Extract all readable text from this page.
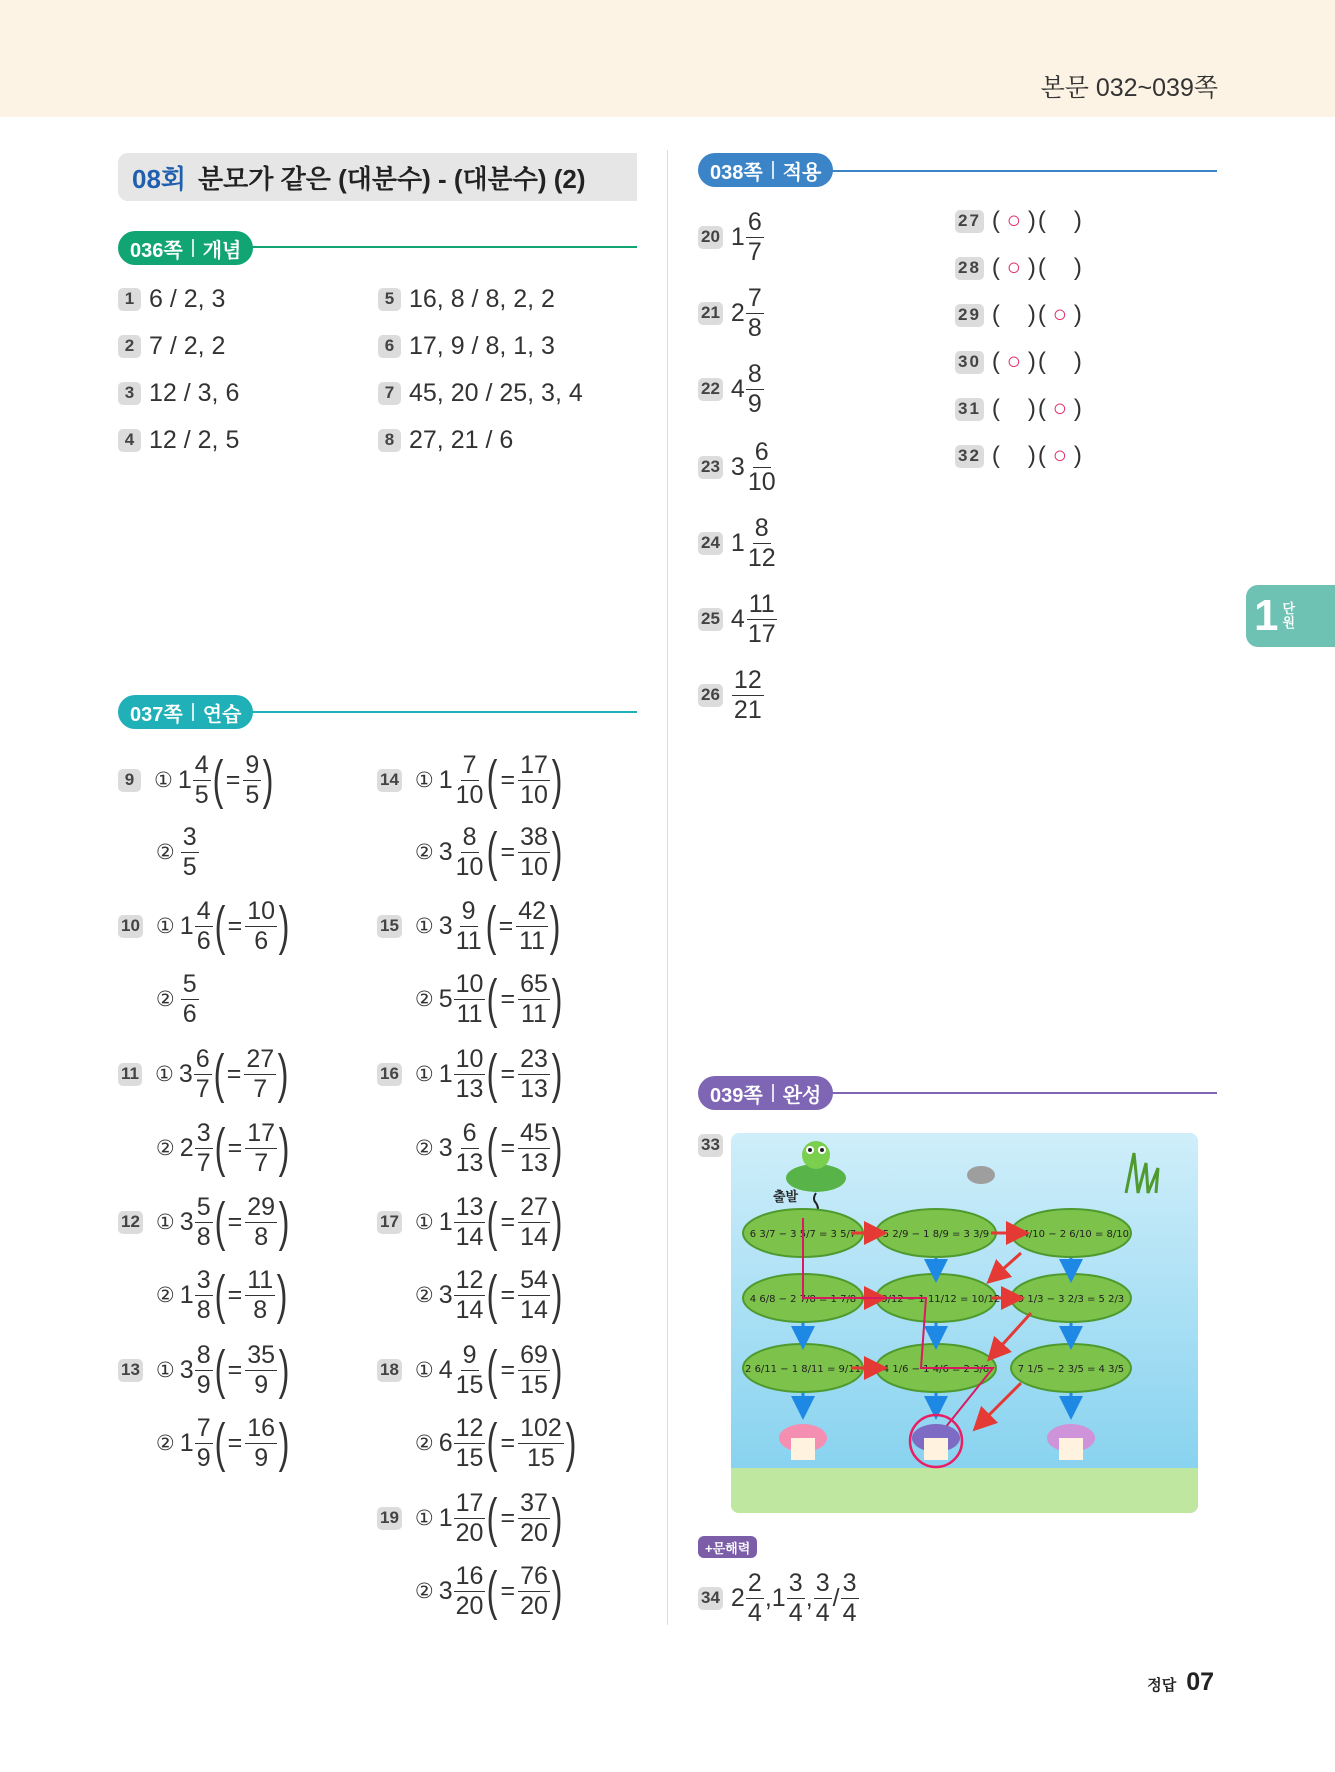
본문 032~039쪽
08회 분모가 같은 (대분수) - (대분수) (2)
036쪽 개념
037쪽 연습
038쪽 적용
039쪽 완성
1 6 / 2, 3
2 7 / 2, 2
3 12 / 3, 6
4 12 / 2, 5
5 16, 8 / 8, 2, 2
6 17, 9 / 8, 1, 3
7 45, 20 / 25, 3, 4
8 27, 21 / 6
9 ① $1 \frac{4}{5}$ ( = $\frac{9}{5}$ )
② $\frac{3}{5}$
10 ① $1 \frac{4}{6}$ ( = $\frac{10}{6}$ )
② $\frac{5}{6}$
11 ① $3 \frac{6}{7}$ ( = $\frac{27}{7}$ )
② $2 \frac{3}{7}$ ( = $\frac{17}{7}$ )
12 ① $3 \frac{5}{8}$ ( = $\frac{29}{8}$ )
② $1 \frac{3}{8}$ ( = $\frac{11}{8}$ )
13 ① $3 \frac{8}{9}$ ( = $\frac{35}{9}$ )
② $1 \frac{7}{9}$ ( = $\frac{16}{9}$ )
14 ① $1 \frac{7}{10}$ ( = $\frac{17}{10}$ )
② $3 \frac{8}{10}$ ( = $\frac{38}{10}$ )
15 ① $3 \frac{9}{11}$ ( = $\frac{42}{11}$ )
② $5 \frac{10}{11}$ ( = $\frac{65}{11}$ )
16 ① $1 \frac{10}{13}$ ( = $\frac{23}{13}$ )
② $3 \frac{6}{13}$ ( = $\frac{45}{13}$ )
17 ① $1 \frac{13}{14}$ ( = $\frac{27}{14}$ )
② $3 \frac{12}{14}$ ( = $\frac{54}{14}$ )
18 ① $4 \frac{9}{15}$ ( = $\frac{69}{15}$ )
② $6 \frac{12}{15}$ ( = $\frac{102}{15}$ )
19 ① $1 \frac{17}{20}$ ( = $\frac{37}{20}$ )
② $3 \frac{16}{20}$ ( = $\frac{76}{20}$ )
20 $1 \frac{6}{7}$
21 $2 \frac{7}{8}$
22 $4 \frac{8}{9}$
23 $3 \frac{6}{10}$
24 $1 \frac{8}{12}$
25 $4 \frac{11}{17}$
$26 \frac{12}{21}$
27 ( ○ )( )
28 ( ○ )( )
29 ( )( ○ )
30 ( ○ )( )
31 ( )( ○ )
32 ( )( ○ )
1 단
원
33
출발
6 3/7 − 3 5/7 = 3 5/7	5 2/9 − 1 8/9 = 3 3/9 3 4/10 − 2 6/10 = 8/10
4 6/8 − 2 7/8 = 1 7/8 2 9/12 − 1 11/12 = 10/12 9 1/3 − 3 2/3 = 5 2/3
2 6/11 − 1 8/11 = 9/11 4 1/6 − 1 4/6 = 2 3/6	7 1/5 − 2 3/5 = 4 3/5
+문해력
34 $2 \frac{2}{4}$ , $1 \frac{3}{4}$ , $\frac{3}{4} / \frac{3}{4}$
정답 07
